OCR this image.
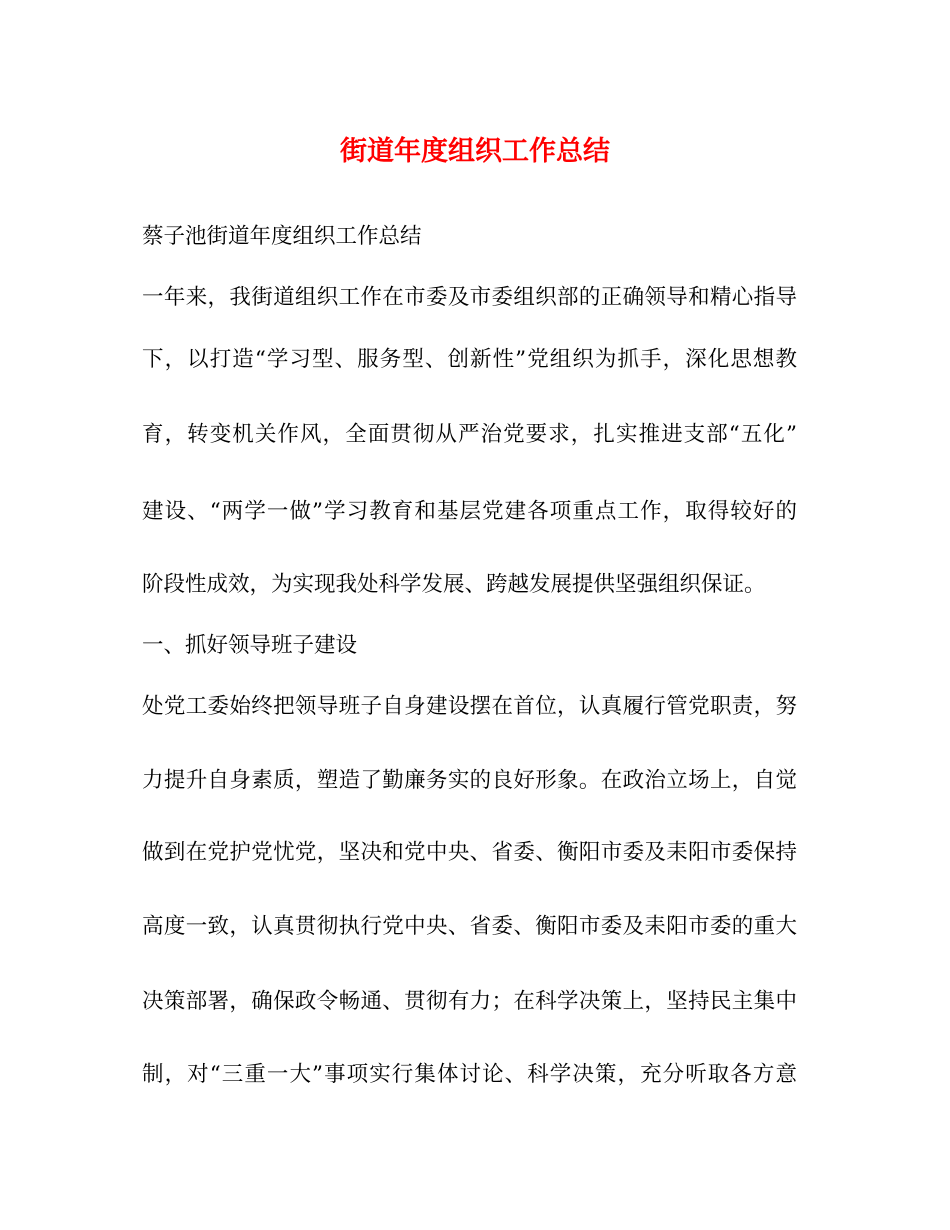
街道年度组织工作总结

蔡子池街道年度组织工作总结

一年来，我街道组织工作在市委及市委组织部的正确领导和精心指导

下，以打造“学习型、服务型、创新性”党组织为抓手，深化思想教

育，转变机关作风，全面贯彻从严治党要求，扎实推进支部“五化”

建设、“两学一做”学习教育和基层党建各项重点工作，取得较好的

阶段性成效，为实现我处科学发展、跨越发展提供坚强组织保证。

一、抓好领导班子建设

处党工委始终把领导班子自身建设摆在首位，认真履行管党职责，努

力提升自身素质，塑造了勤廉务实的良好形象。在政治立场上，自觉

做到在党护党忧党，坚决和党中央、省委、衡阳市委及耒阳市委保持

高度一致，认真贯彻执行党中央、省委、衡阳市委及耒阳市委的重大

决策部署，确保政令畅通、贯彻有力；在科学决策上，坚持民主集中

制，对“三重一大”事项实行集体讨论、科学决策，充分听取各方意
